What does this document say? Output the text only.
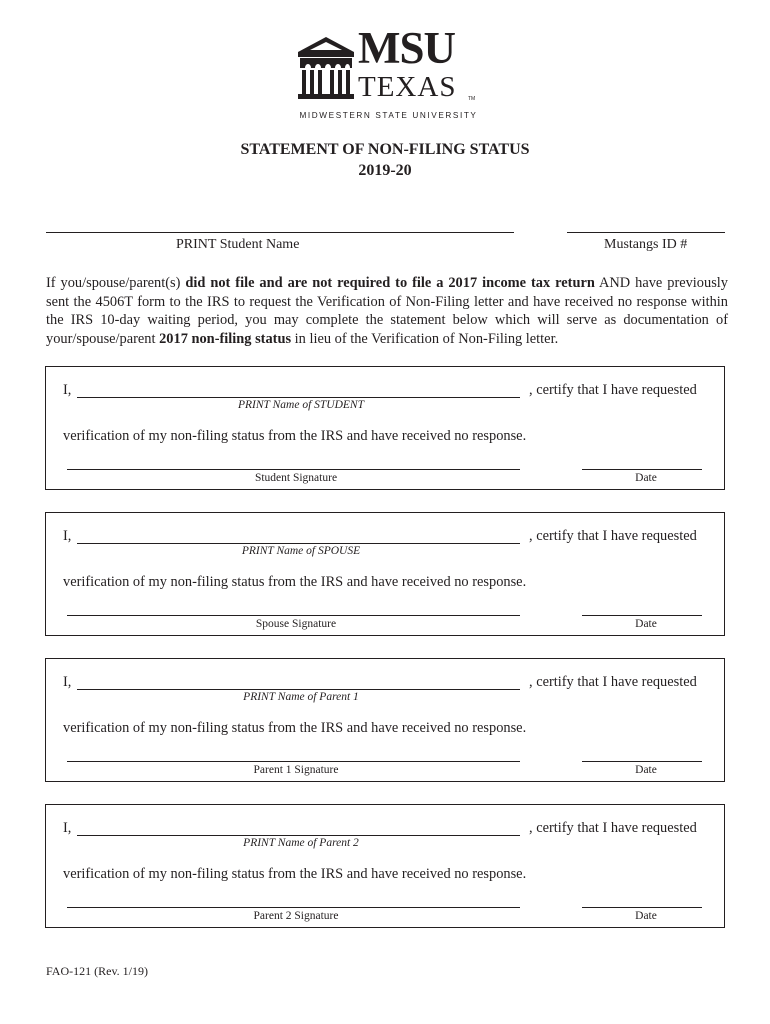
MSU
TEXAS TM
MIDWESTERN STATE UNIVERSITY
STATEMENT OF NON-FILING STATUS
2019-20
PRINT Student Name	Mustangs ID #
If you/spouse/parent(s) did not file and are not required to file a 2017 income tax return AND have previously sent the 4506T form to the IRS to request the Verification of Non-Filing letter and have received no response within the IRS 10-day waiting period, you may complete the statement below which will serve as documentation of your/spouse/parent 2017 non-filing status in lieu of the Verification of Non-Filing letter.
I,	, certify that I have requested
PRINT Name of STUDENT
verification of my non-filing status from the IRS and have received no response.
Student Signature	Date
I,	, certify that I have requested
PRINT Name of SPOUSE
verification of my non-filing status from the IRS and have received no response.
Spouse Signature	Date
I,	, certify that I have requested
PRINT Name of Parent 1
verification of my non-filing status from the IRS and have received no response.
Parent 1 Signature	Date
I,	, certify that I have requested
PRINT Name of Parent 2
verification of my non-filing status from the IRS and have received no response.
Parent 2 Signature	Date
FAO-121 (Rev. 1/19)
